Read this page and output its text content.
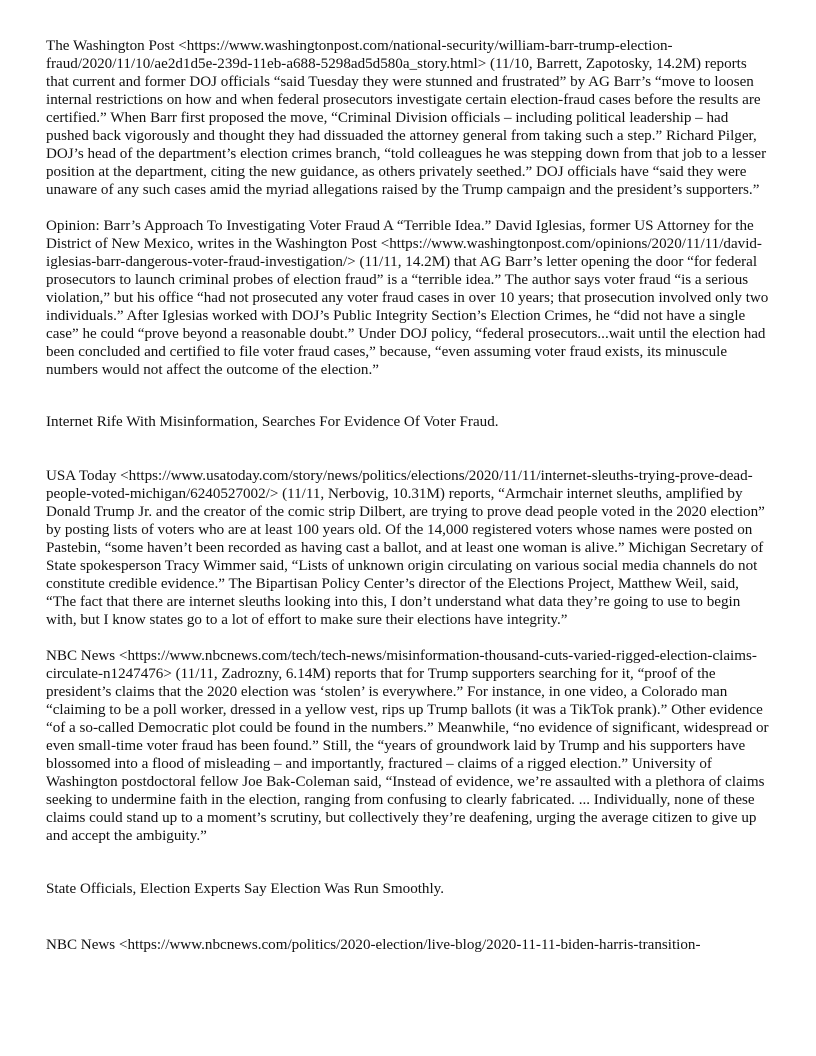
The Washington Post <https://www.washingtonpost.com/national-security/william-barr-trump-election-fraud/2020/11/10/ae2d1d5e-239d-11eb-a688-5298ad5d580a_story.html> (11/10, Barrett, Zapotosky, 14.2M) reports that current and former DOJ officials “said Tuesday they were stunned and frustrated” by AG Barr’s “move to loosen internal restrictions on how and when federal prosecutors investigate certain election-fraud cases before the results are certified.” When Barr first proposed the move, “Criminal Division officials – including political leadership – had pushed back vigorously and thought they had dissuaded the attorney general from taking such a step.” Richard Pilger, DOJ’s head of the department’s election crimes branch, “told colleagues he was stepping down from that job to a lesser position at the department, citing the new guidance, as others privately seethed.” DOJ officials have “said they were unaware of any such cases amid the myriad allegations raised by the Trump campaign and the president’s supporters.”

Opinion: Barr’s Approach To Investigating Voter Fraud A “Terrible Idea.” David Iglesias, former US Attorney for the District of New Mexico, writes in the Washington Post <https://www.washingtonpost.com/opinions/2020/11/11/david-iglesias-barr-dangerous-voter-fraud-investigation/> (11/11, 14.2M) that AG Barr’s letter opening the door “for federal prosecutors to launch criminal probes of election fraud” is a “terrible idea.” The author says voter fraud “is a serious violation,” but his office “had not prosecuted any voter fraud cases in over 10 years; that prosecution involved only two individuals.” After Iglesias worked with DOJ’s Public Integrity Section’s Election Crimes, he “did not have a single case” he could “prove beyond a reasonable doubt.” Under DOJ policy, “federal prosecutors...wait until the election had been concluded and certified to file voter fraud cases,” because, “even assuming voter fraud exists, its minuscule numbers would not affect the outcome of the election.”

Internet Rife With Misinformation, Searches For Evidence Of Voter Fraud.

USA Today <https://www.usatoday.com/story/news/politics/elections/2020/11/11/internet-sleuths-trying-prove-dead-people-voted-michigan/6240527002/> (11/11, Nerbovig, 10.31M) reports, “Armchair internet sleuths, amplified by Donald Trump Jr. and the creator of the comic strip Dilbert, are trying to prove dead people voted in the 2020 election” by posting lists of voters who are at least 100 years old. Of the 14,000 registered voters whose names were posted on Pastebin, “some haven’t been recorded as having cast a ballot, and at least one woman is alive.” Michigan Secretary of State spokesperson Tracy Wimmer said, “Lists of unknown origin circulating on various social media channels do not constitute credible evidence.” The Bipartisan Policy Center’s director of the Elections Project, Matthew Weil, said, “The fact that there are internet sleuths looking into this, I don’t understand what data they’re going to use to begin with, but I know states go to a lot of effort to make sure their elections have integrity.”

NBC News <https://www.nbcnews.com/tech/tech-news/misinformation-thousand-cuts-varied-rigged-election-claims-circulate-n1247476> (11/11, Zadrozny, 6.14M) reports that for Trump supporters searching for it, “proof of the president’s claims that the 2020 election was ‘stolen’ is everywhere.” For instance, in one video, a Colorado man “claiming to be a poll worker, dressed in a yellow vest, rips up Trump ballots (it was a TikTok prank).” Other evidence “of a so-called Democratic plot could be found in the numbers.” Meanwhile, “no evidence of significant, widespread or even small-time voter fraud has been found.” Still, the “years of groundwork laid by Trump and his supporters have blossomed into a flood of misleading – and importantly, fractured – claims of a rigged election.” University of Washington postdoctoral fellow Joe Bak-Coleman said, “Instead of evidence, we’re assaulted with a plethora of claims seeking to undermine faith in the election, ranging from confusing to clearly fabricated. ... Individually, none of these claims could stand up to a moment’s scrutiny, but collectively they’re deafening, urging the average citizen to give up and accept the ambiguity.”

State Officials, Election Experts Say Election Was Run Smoothly.

NBC News <https://www.nbcnews.com/politics/2020-election/live-blog/2020-11-11-biden-harris-transition-
